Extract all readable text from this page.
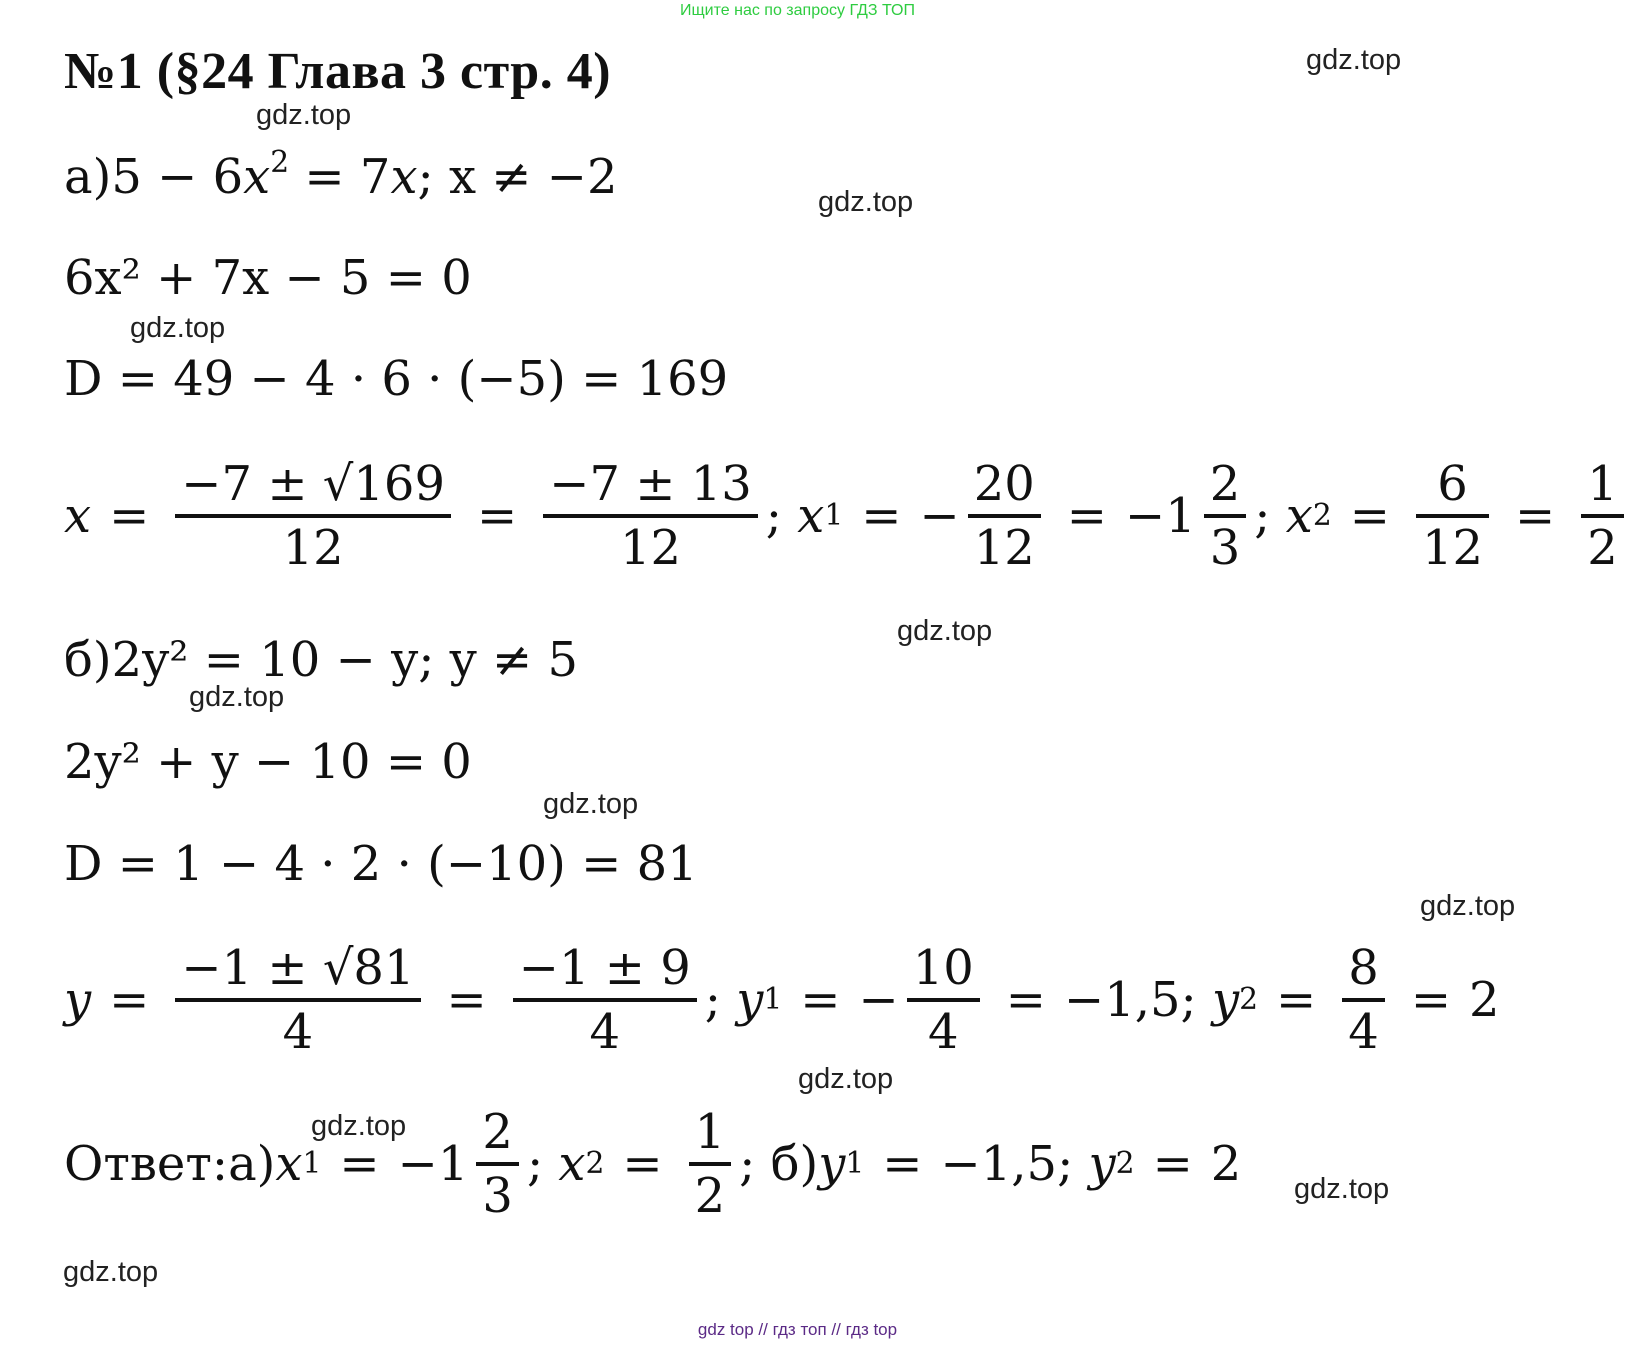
Ищите нас по запросу ГДЗ ТОП
№1 (§24 Глава 3 стр. 4)	gdz.top
gdz.top
gdz.top
gdz.top
gdz.top
gdz.top
gdz.top
gdz.top
gdz.top
gdz.top
gdz.top
gdz.top
$а)5 - 6x^2 = 7x$; x ≠ −2
6x² + 7x − 5 = 0
D = 49 − 4 · 6 · (−5) = 169
$x = \frac{-7 \pm √169}{12} = \frac{-7 \pm 13}{12}$ ; x 1 = − $\frac{20}{12} = -1 \frac{2}{3}$ ; x $2 = \frac{6}{12} = \frac{1}{2}$
б)2y² = 10 − y; y ≠ 5
2y² + y − 10 = 0
D = 1 − 4 · 2 · (−10) = 81
$y = \frac{-1 \pm √81}{4} = \frac{-1 \pm 9}{4}$ ; y 1 = − $\frac{10}{4} = -1,5$ ; y $2 = \frac{8}{4} = 2$
Ответ: а) x $1 = -1 \frac{2}{3}$ ; x $2 = \frac{1}{2}$ ; б) y 1 = −1,5 ; y 2 = 2
gdz top // гдз топ // гдз top
